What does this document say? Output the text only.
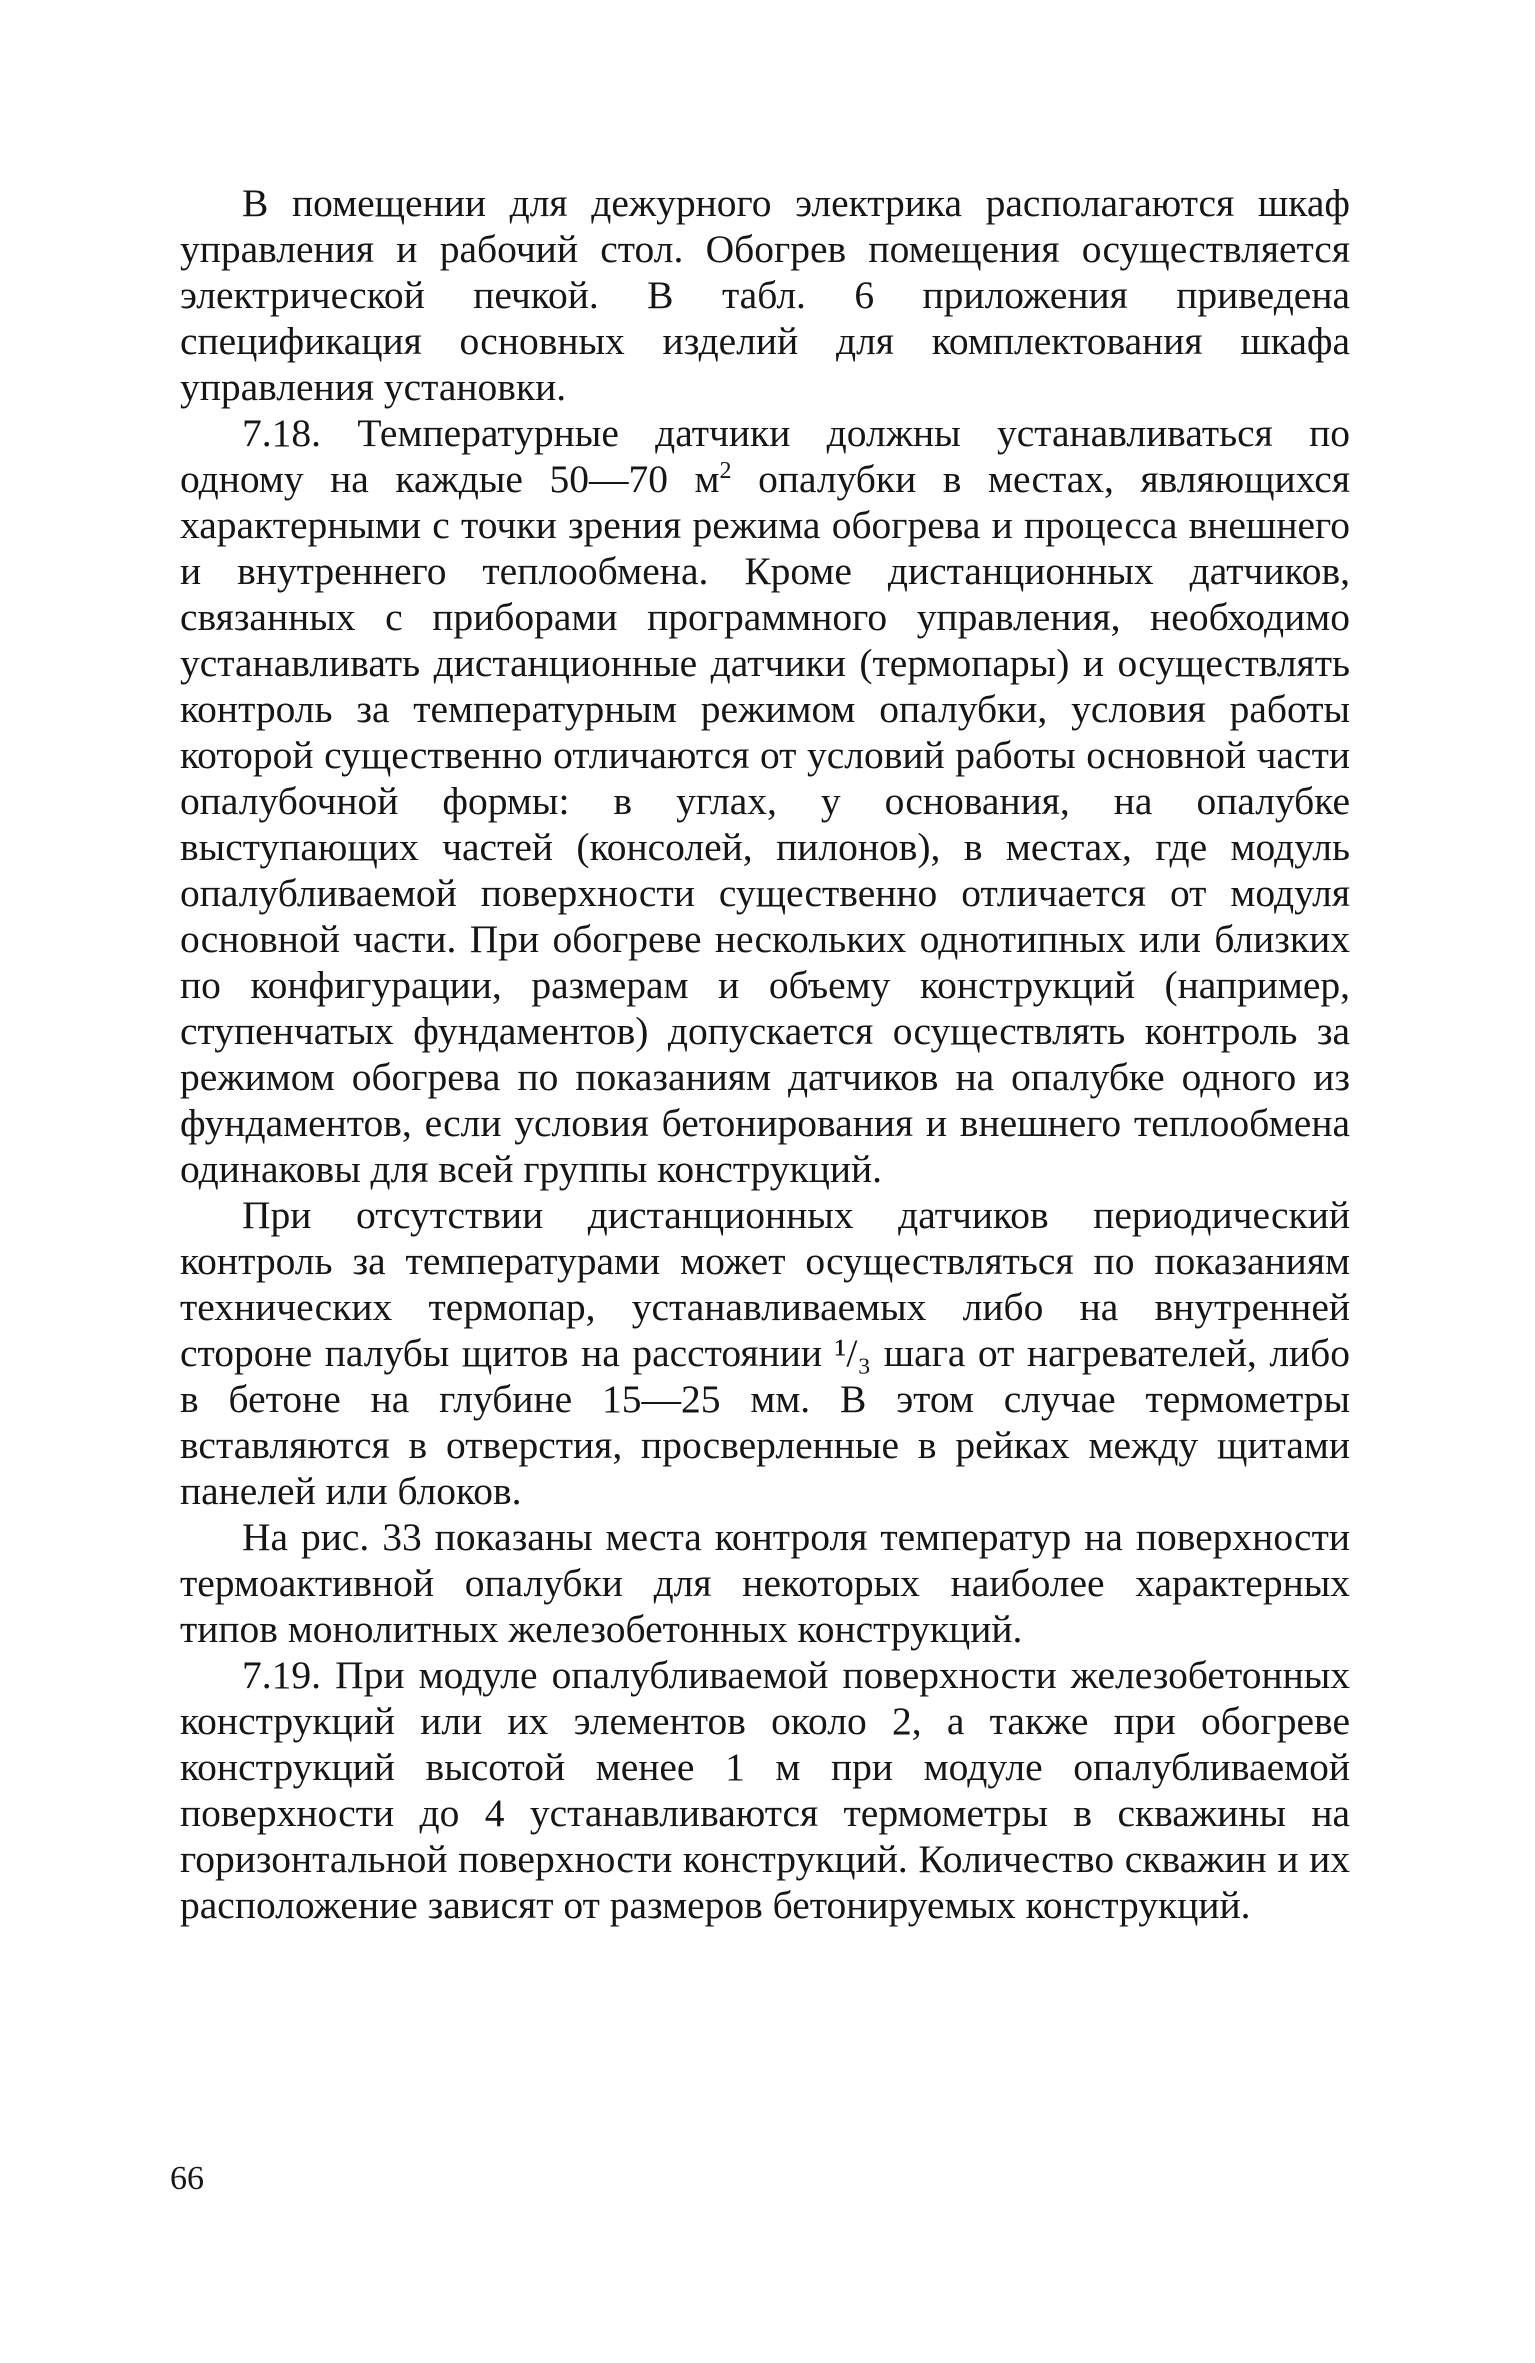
В помещении для дежурного электрика располагаются шкаф управления и рабочий стол. Обогрев помещения осуществляется электрической печкой. В табл. 6 приложения приведена спецификация основных изделий для комплектования шкафа управления установки.

7.18. Температурные датчики должны устанавливаться по одному на каждые 50—70 $м^2$ опалубки в местах, являющихся характерными с точки зрения режима обогрева и процесса внешнего и внутреннего теплообмена. Кроме дистанционных датчиков, связанных с приборами программного управления, необходимо устанавливать дистанционные датчики (термопары) и осуществлять контроль за температурным режимом опалубки, условия работы которой существенно отличаются от условий работы основной части опалубочной формы: в углах, у основания, на опалубке выступающих частей (консолей, пилонов), в местах, где модуль опалубливаемой поверхности существенно отличается от модуля основной части. При обогреве нескольких однотипных или близких по конфигурации, размерам и объему конструкций (например, ступенчатых фундаментов) допускается осуществлять контроль за режимом обогрева по показаниям датчиков на опалубке одного из фундаментов, если условия бетонирования и внешнего теплообмена одинаковы для всей группы конструкций.

При отсутствии дистанционных датчиков периодический контроль за температурами может осуществляться по показаниям технических термопар, устанавливаемых либо на внутренней стороне палубы щитов на расстоянии ¹/₃ шага от нагревателей, либо в бетоне на глубине 15—25 мм. В этом случае термометры вставляются в отверстия, просверленные в рейках между щитами панелей или блоков.

На рис. 33 показаны места контроля температур на поверхности термоактивной опалубки для некоторых наиболее характерных типов монолитных железобетонных конструкций.

7.19. При модуле опалубливаемой поверхности железобетонных конструкций или их элементов около 2, а также при обогреве конструкций высотой менее 1 м при модуле опалубливаемой поверхности до 4 устанавливаются термометры в скважины на горизонтальной поверхности конструкций. Количество скважин и их расположение зависят от размеров бетонируемых конструкций.

66
